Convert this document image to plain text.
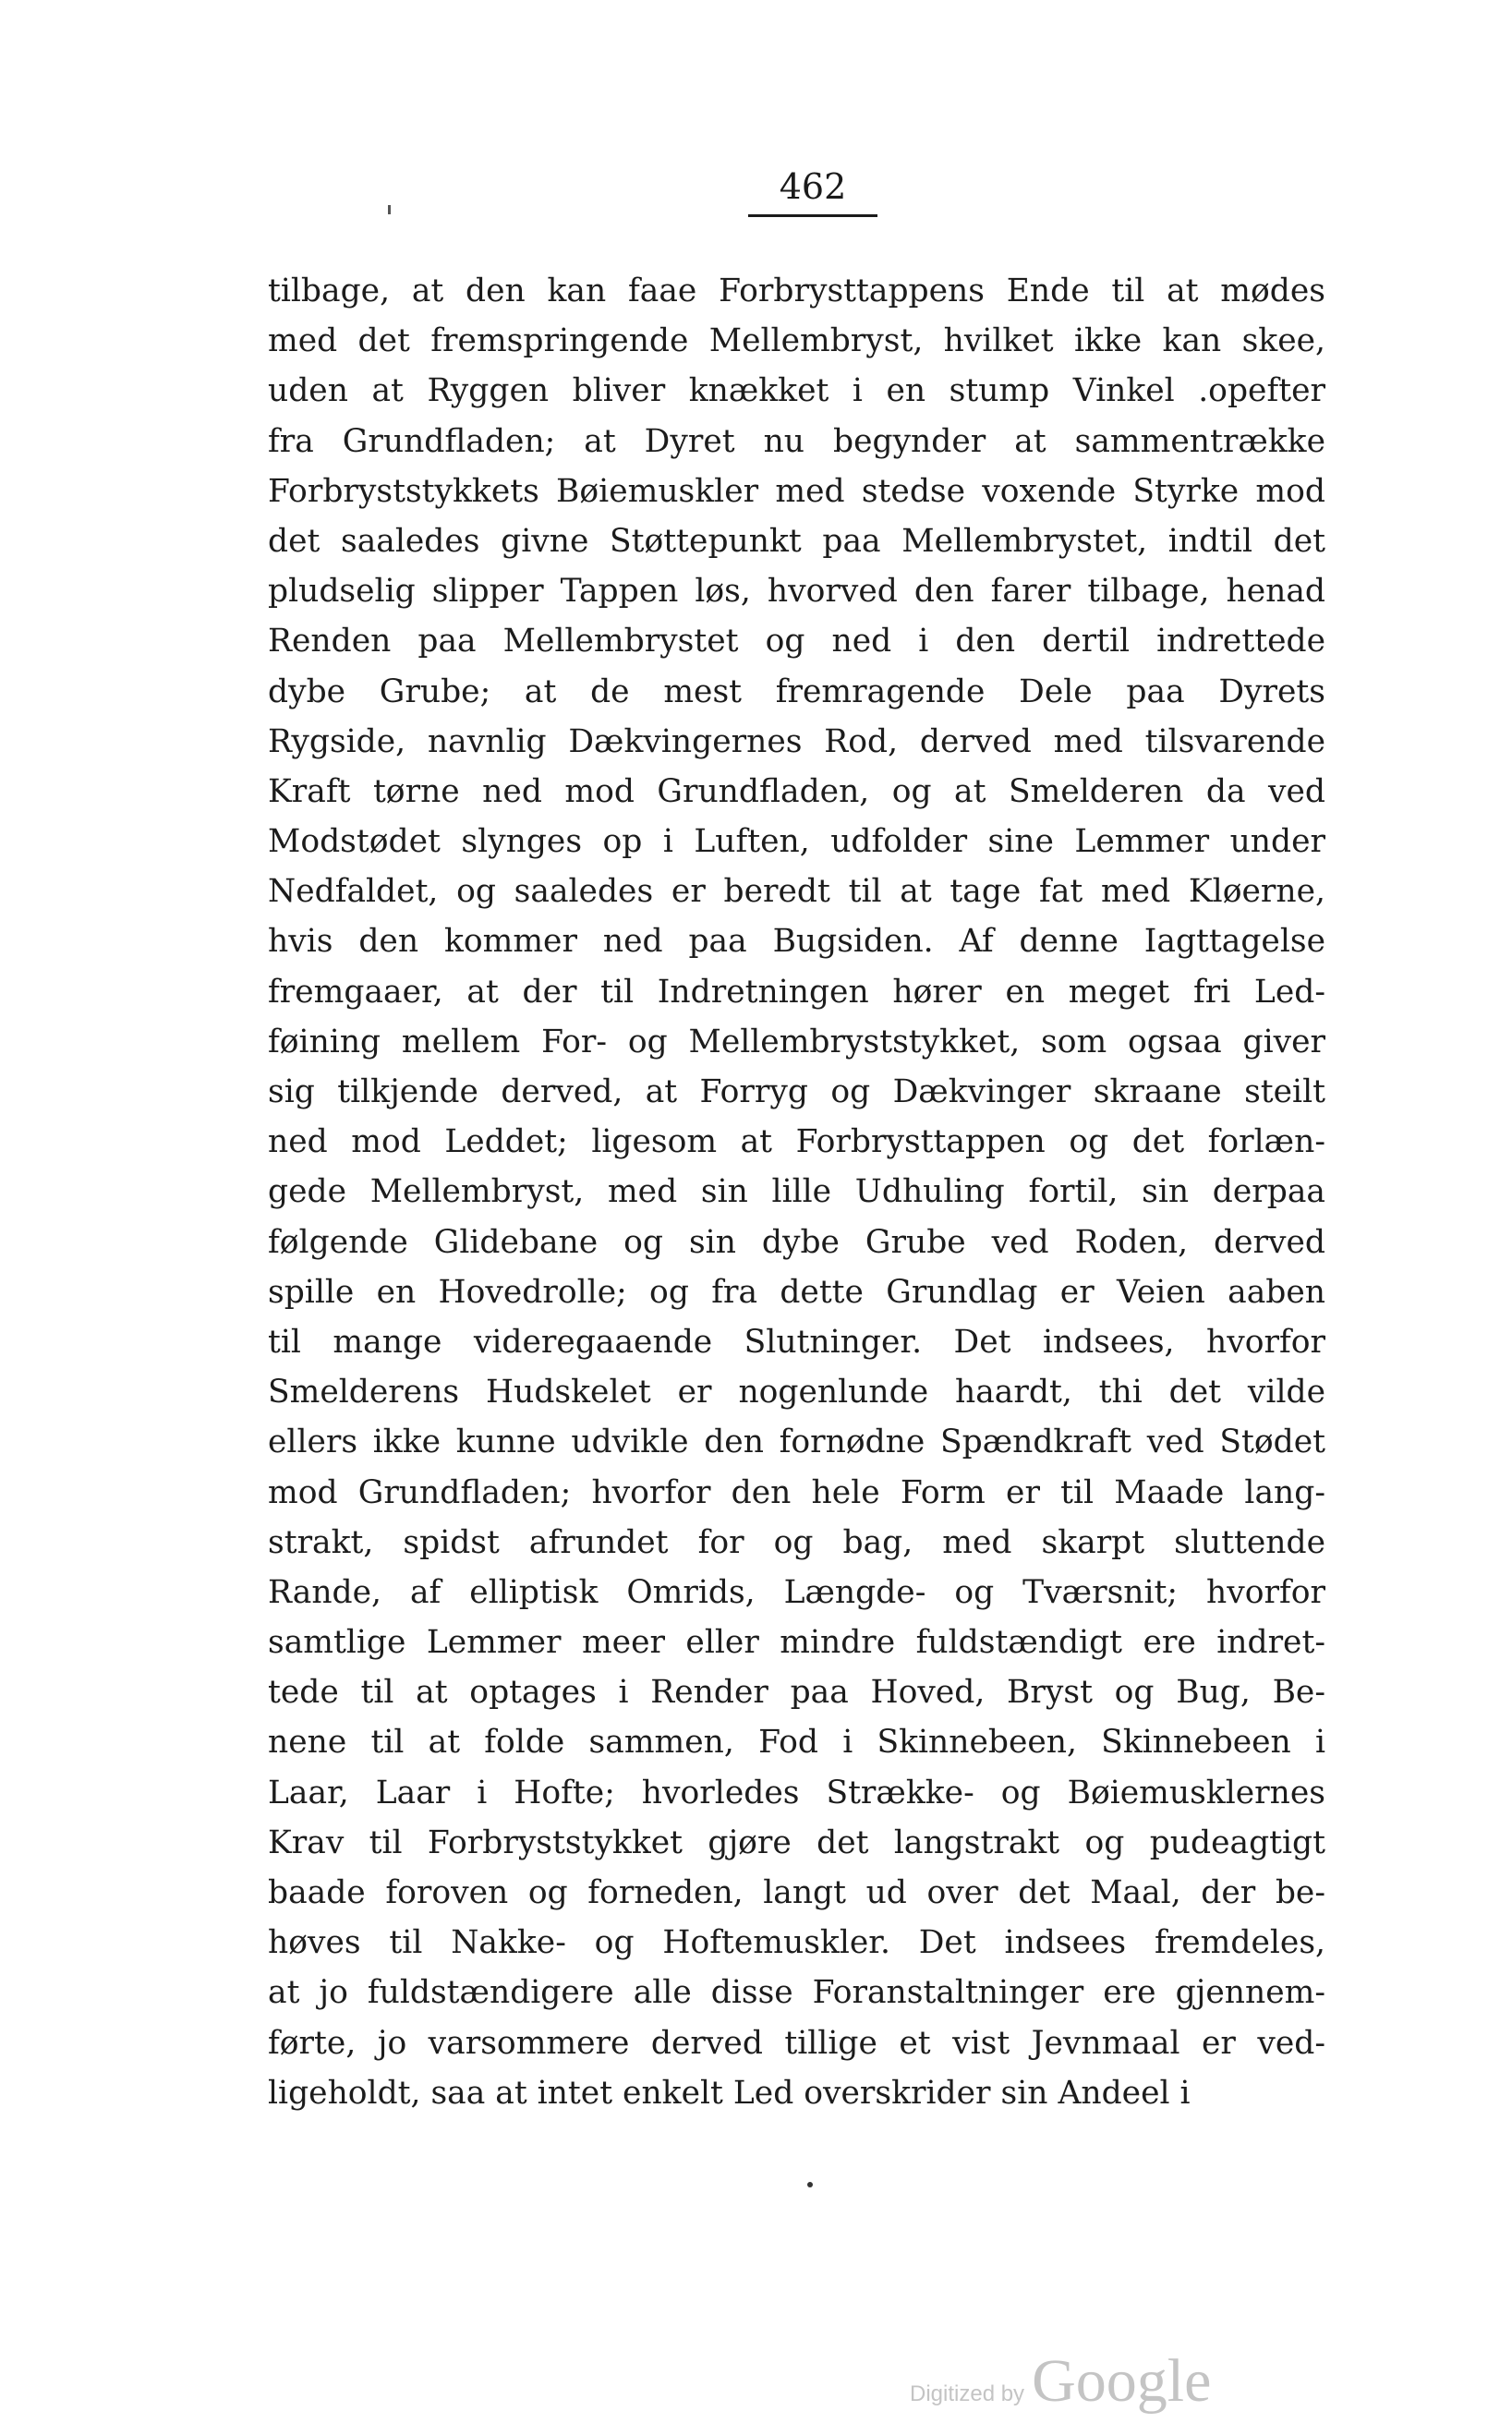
462
tilbage, at den kan faae Forbrysttappens Ende til at mødes
med det fremspringende Mellembryst, hvilket ikke kan skee,
uden at Ryggen bliver knækket i en stump Vinkel .opefter
fra Grundfladen; at Dyret nu begynder at sammentrække
Forbryststykkets Bøiemuskler med stedse voxende Styrke mod
det saaledes givne Støttepunkt paa Mellembrystet, indtil det
pludselig slipper Tappen løs, hvorved den farer tilbage, henad
Renden paa Mellembrystet og ned i den dertil indrettede
dybe Grube; at de mest fremragende Dele paa Dyrets
Rygside, navnlig Dækvingernes Rod, derved med tilsvarende
Kraft tørne ned mod Grundfladen, og at Smelderen da ved
Modstødet slynges op i Luften, udfolder sine Lemmer under
Nedfaldet, og saaledes er beredt til at tage fat med Kløerne,
hvis den kommer ned paa Bugsiden. Af denne Iagttagelse
fremgaaer, at der til Indretningen hører en meget fri Led-
føining mellem For- og Mellembryststykket, som ogsaa giver
sig tilkjende derved, at Forryg og Dækvinger skraane steilt
ned mod Leddet; ligesom at Forbrysttappen og det forlæn-
gede Mellembryst, med sin lille Udhuling fortil, sin derpaa
følgende Glidebane og sin dybe Grube ved Roden, derved
spille en Hovedrolle; og fra dette Grundlag er Veien aaben
til mange videregaaende Slutninger. Det indsees, hvorfor
Smelderens Hudskelet er nogenlunde haardt, thi det vilde
ellers ikke kunne udvikle den fornødne Spændkraft ved Stødet
mod Grundfladen; hvorfor den hele Form er til Maade lang-
strakt, spidst afrundet for og bag, med skarpt sluttende
Rande, af elliptisk Omrids, Længde- og Tværsnit; hvorfor
samtlige Lemmer meer eller mindre fuldstændigt ere indret-
tede til at optages i Render paa Hoved, Bryst og Bug, Be-
nene til at folde sammen, Fod i Skinnebeen, Skinnebeen i
Laar, Laar i Hofte; hvorledes Strække- og Bøiemusklernes
Krav til Forbryststykket gjøre det langstrakt og pudeagtigt
baade foroven og forneden, langt ud over det Maal, der be-
høves til Nakke- og Hoftemuskler. Det indsees fremdeles,
at jo fuldstændigere alle disse Foranstaltninger ere gjennem-
førte, jo varsommere derved tillige et vist Jevnmaal er ved-
ligeholdt, saa at intet enkelt Led overskrider sin Andeel i
Digitized by Google
